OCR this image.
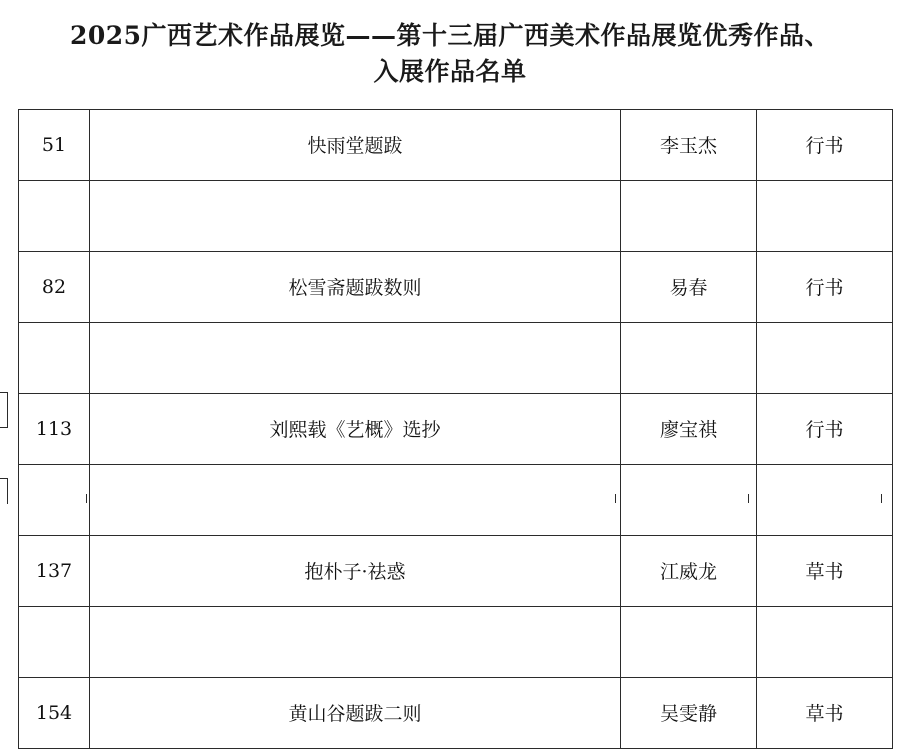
2025广西艺术作品展览——第十三届广西美术作品展览优秀作品、入展作品名单
51	快雨堂题跋	李玉杰	行书

82	松雪斋题跋数则	易春	行书

113	刘熙载《艺概》选抄	廖宝祺	行书

137	抱朴子·祛惑	江威龙	草书

154	黄山谷题跋二则	吴雯静	草书
